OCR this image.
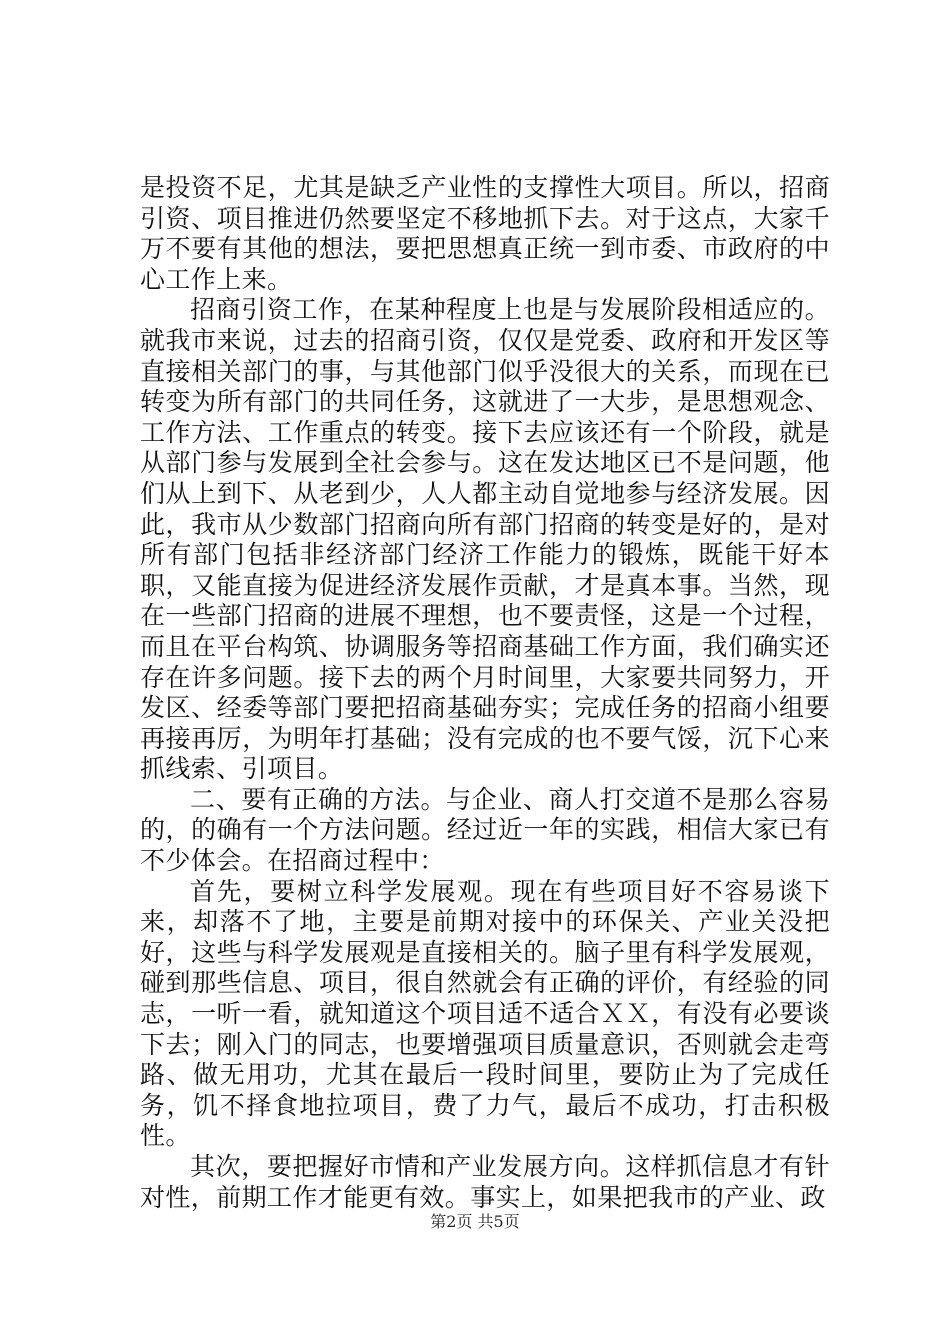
是投资不足，尤其是缺乏产业性的支撑性大项目。所以，招商引资、项目推进仍然要坚定不移地抓下去。对于这点，大家千万不要有其他的想法，要把思想真正统一到市委、市政府的中心工作上来。

招商引资工作，在某种程度上也是与发展阶段相适应的。就我市来说，过去的招商引资，仅仅是党委、政府和开发区等直接相关部门的事，与其他部门似乎没很大的关系，而现在已转变为所有部门的共同任务，这就进了一大步，是思想观念、工作方法、工作重点的转变。接下去应该还有一个阶段，就是从部门参与发展到全社会参与。这在发达地区已不是问题，他们从上到下、从老到少，人人都主动自觉地参与经济发展。因此，我市从少数部门招商向所有部门招商的转变是好的，是对所有部门包括非经济部门经济工作能力的锻炼，既能干好本职，又能直接为促进经济发展作贡献，才是真本事。当然，现在一些部门招商的进展不理想，也不要责怪，这是一个过程，而且在平台构筑、协调服务等招商基础工作方面，我们确实还存在许多问题。接下去的两个月时间里，大家要共同努力，开发区、经委等部门要把招商基础夯实；完成任务的招商小组要再接再厉，为明年打基础；没有完成的也不要气馁，沉下心来抓线索、引项目。

二、要有正确的方法。与企业、商人打交道不是那么容易的，的确有一个方法问题。经过近一年的实践，相信大家已有不少体会。在招商过程中：

首先，要树立科学发展观。现在有些项目好不容易谈下来，却落不了地，主要是前期对接中的环保关、产业关没把好，这些与科学发展观是直接相关的。脑子里有科学发展观，碰到那些信息、项目，很自然就会有正确的评价，有经验的同志，一听一看，就知道这个项目适不适合ＸＸ，有没有必要谈下去；刚入门的同志，也要增强项目质量意识，否则就会走弯路、做无用功，尤其在最后一段时间里，要防止为了完成任务，饥不择食地拉项目，费了力气，最后不成功，打击积极性。

其次，要把握好市情和产业发展方向。这样抓信息才有针对性，前期工作才能更有效。事实上，如果把我市的产业、政

第2页 共5页
